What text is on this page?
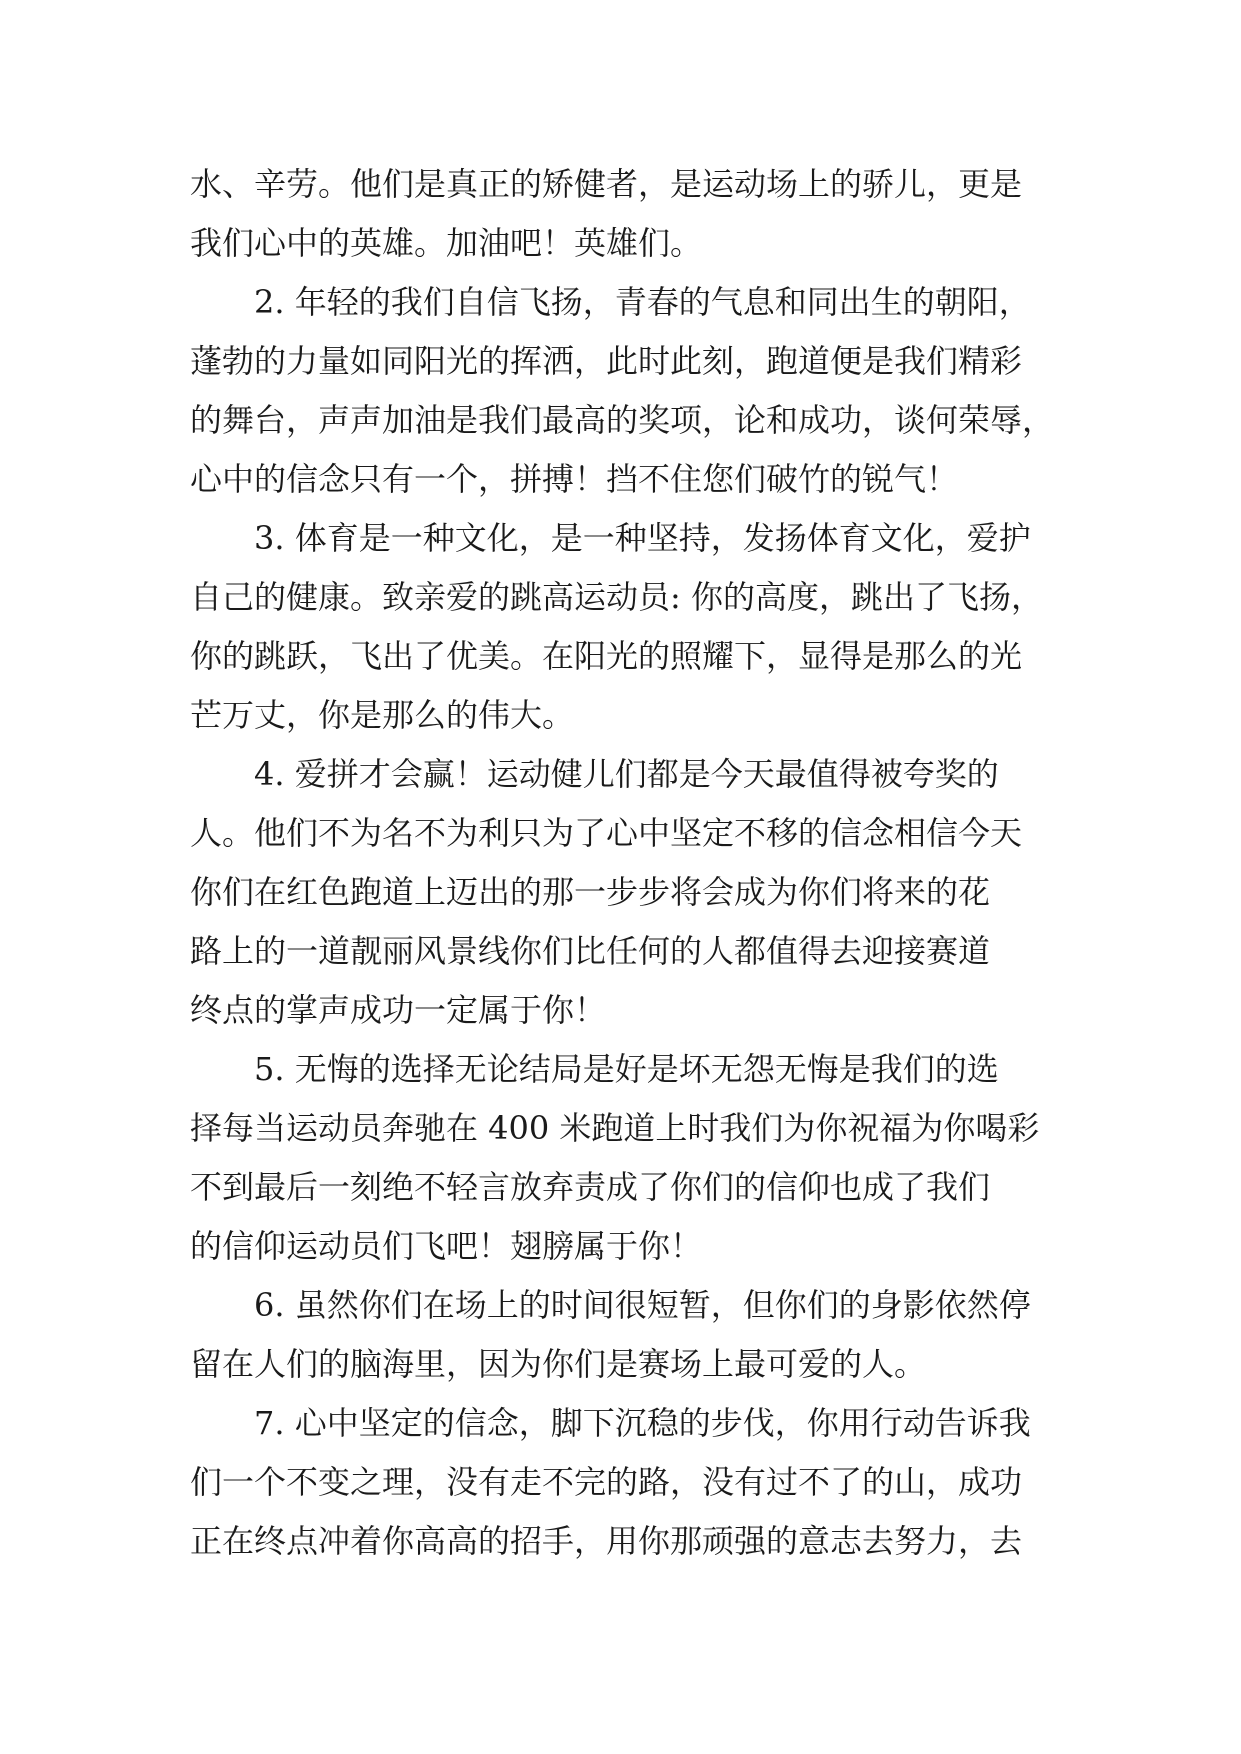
水、辛劳。他们是真正的矫健者，是运动场上的骄儿，更是
我们心中的英雄。加油吧！英雄们。
2. 年轻的我们自信飞扬，青春的气息和同出生的朝阳，
蓬勃的力量如同阳光的挥洒，此时此刻，跑道便是我们精彩
的舞台，声声加油是我们最高的奖项，论和成功，谈何荣辱，
心中的信念只有一个，拼搏！挡不住您们破竹的锐气！
3. 体育是一种文化，是一种坚持，发扬体育文化，爱护
自己的健康。致亲爱的跳高运动员: 你的高度，跳出了飞扬，
你的跳跃，飞出了优美。在阳光的照耀下，显得是那么的光
芒万丈，你是那么的伟大。
4. 爱拼才会赢！运动健儿们都是今天最值得被夸奖的
人。他们不为名不为利只为了心中坚定不移的信念相信今天
你们在红色跑道上迈出的那一步步将会成为你们将来的花
路上的一道靓丽风景线你们比任何的人都值得去迎接赛道
终点的掌声成功一定属于你！
5. 无悔的选择无论结局是好是坏无怨无悔是我们的选
择每当运动员奔驰在 400 米跑道上时我们为你祝福为你喝彩
不到最后一刻绝不轻言放弃责成了你们的信仰也成了我们
的信仰运动员们飞吧！翅膀属于你！
6. 虽然你们在场上的时间很短暂，但你们的身影依然停
留在人们的脑海里，因为你们是赛场上最可爱的人。
7. 心中坚定的信念，脚下沉稳的步伐，你用行动告诉我
们一个不变之理，没有走不完的路，没有过不了的山，成功
正在终点冲着你高高的招手，用你那顽强的意志去努力，去
